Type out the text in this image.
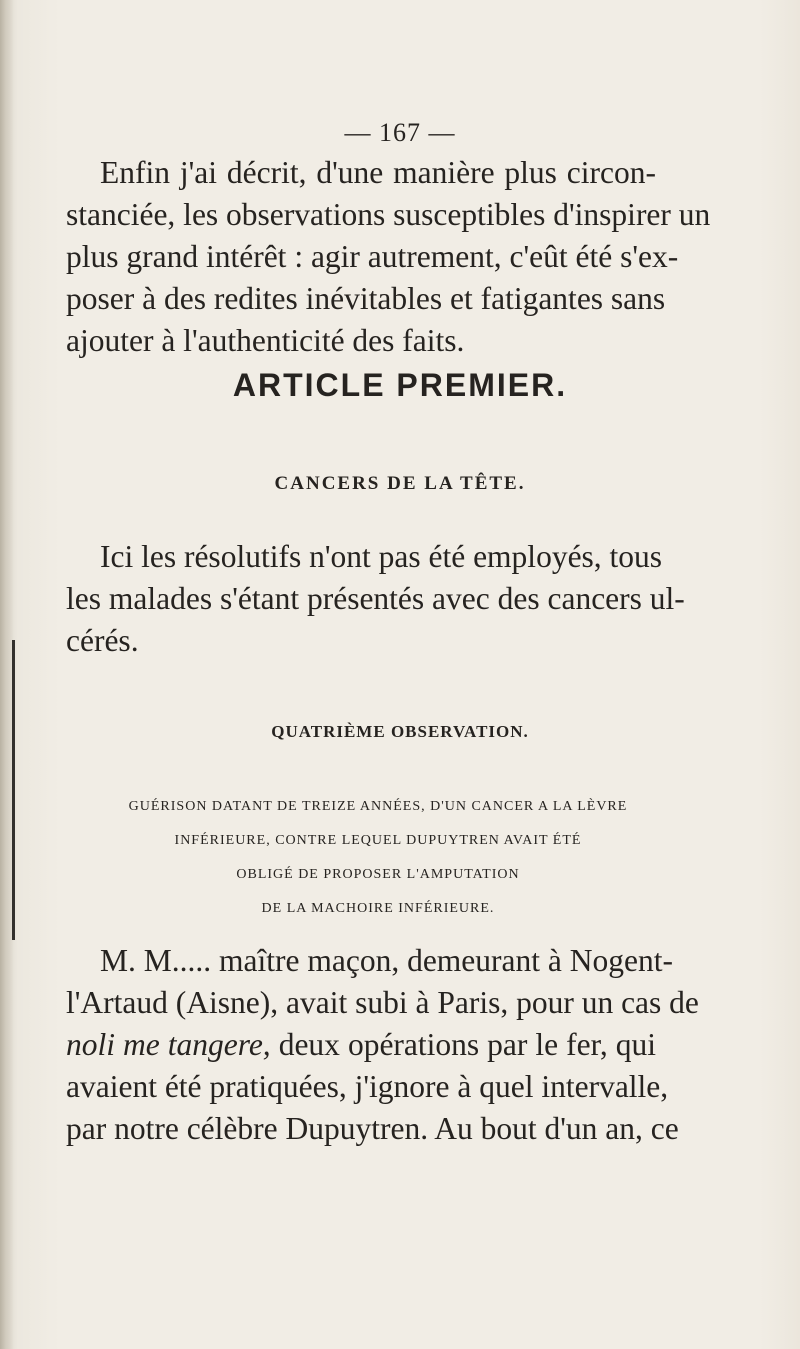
— 167 —
Enfin j'ai décrit, d'une manière plus circon-
stanciée, les observations susceptibles d'inspirer un
plus grand intérêt : agir autrement, c'eût été s'ex-
poser à des redites inévitables et fatigantes sans
ajouter à l'authenticité des faits.
ARTICLE PREMIER.
CANCERS DE LA TÊTE.
Ici les résolutifs n'ont pas été employés, tous
les malades s'étant présentés avec des cancers ul-
cérés.
QUATRIÈME OBSERVATION.
GUÉRISON DATANT DE TREIZE ANNÉES, D'UN CANCER A LA LÈVRE
INFÉRIEURE, CONTRE LEQUEL DUPUYTREN AVAIT ÉTÉ
OBLIGÉ DE PROPOSER L'AMPUTATION
DE LA MACHOIRE INFÉRIEURE.
M. M..... maître maçon, demeurant à Nogent-
l'Artaud (Aisne), avait subi à Paris, pour un cas de
noli me tangere, deux opérations par le fer, qui
avaient été pratiquées, j'ignore à quel intervalle,
par notre célèbre Dupuytren. Au bout d'un an, ce
